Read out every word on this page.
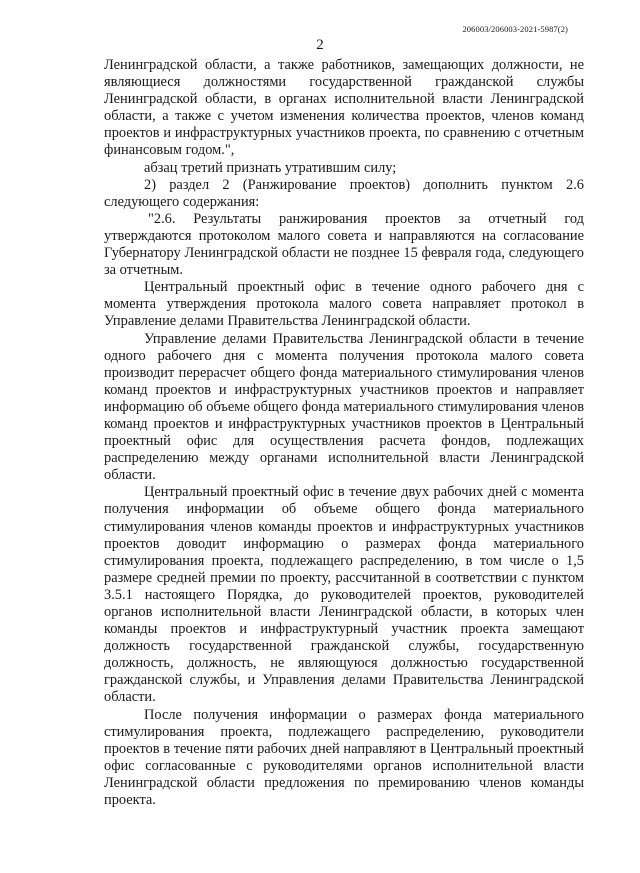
206003/206003-2021-5987(2)
2

Ленинградской области, а также работников, замещающих должности, не являющиеся должностями государственной гражданской службы Ленинградской области, в органах исполнительной власти Ленинградской области, а также с учетом изменения количества проектов, членов команд проектов и инфраструктурных участников проекта, по сравнению с отчетным финансовым годом.",

абзац третий признать утратившим силу;

2) раздел 2 (Ранжирование проектов) дополнить пунктом 2.6 следующего содержания:

"2.6. Результаты ранжирования проектов за отчетный год утверждаются протоколом малого совета и направляются на согласование Губернатору Ленинградской области не позднее 15 февраля года, следующего за отчетным.

Центральный проектный офис в течение одного рабочего дня с момента утверждения протокола малого совета направляет протокол в Управление делами Правительства Ленинградской области.

Управление делами Правительства Ленинградской области в течение одного рабочего дня с момента получения протокола малого совета производит перерасчет общего фонда материального стимулирования членов команд проектов и инфраструктурных участников проектов и направляет информацию об объеме общего фонда материального стимулирования членов команд проектов и инфраструктурных участников проектов в Центральный проектный офис для осуществления расчета фондов, подлежащих распределению между органами исполнительной власти Ленинградской области.

Центральный проектный офис в течение двух рабочих дней с момента получения информации об объеме общего фонда материального стимулирования членов команды проектов и инфраструктурных участников проектов доводит информацию о размерах фонда материального стимулирования проекта, подлежащего распределению, в том числе о 1,5 размере средней премии по проекту, рассчитанной в соответствии с пунктом 3.5.1 настоящего Порядка, до руководителей проектов, руководителей органов исполнительной власти Ленинградской области, в которых член команды проектов и инфраструктурный участник проекта замещают должность государственной гражданской службы, государственную должность, должность, не являющуюся должностью государственной гражданской службы, и Управления делами Правительства Ленинградской области.

После получения информации о размерах фонда материального стимулирования проекта, подлежащего распределению, руководители проектов в течение пяти рабочих дней направляют в Центральный проектный офис согласованные с руководителями органов исполнительной власти Ленинградской области предложения по премированию членов команды проекта.
